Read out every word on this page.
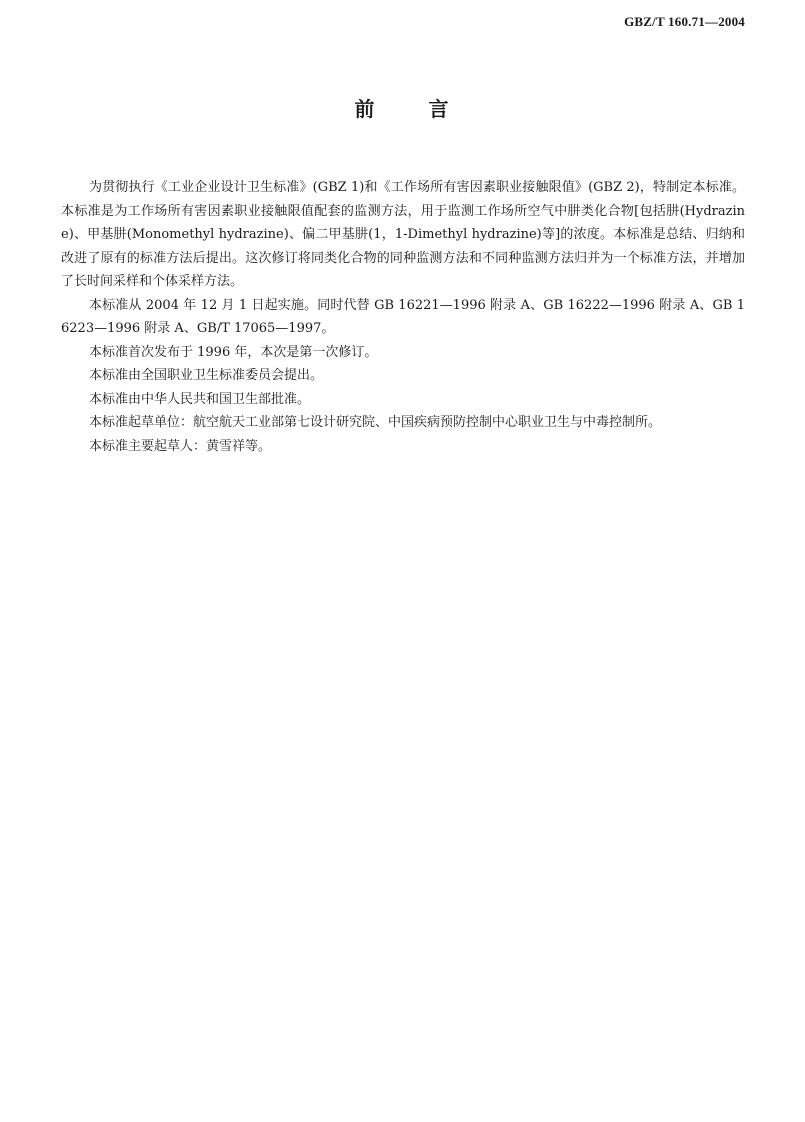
GBZ/T 160.71—2004
前	言

为贯彻执行《工业企业设计卫生标准》(GBZ 1)和《工作场所有害因素职业接触限值》(GBZ 2)，特制定本标准。本标准是为工作场所有害因素职业接触限值配套的监测方法，用于监测工作场所空气中肼类化合物[包括肼(Hydrazine)、甲基肼(Monomethyl hydrazine)、偏二甲基肼(1，1-Dimethyl hydrazine)等]的浓度。本标准是总结、归纳和改进了原有的标准方法后提出。这次修订将同类化合物的同种监测方法和不同种监测方法归并为一个标准方法，并增加了长时间采样和个体采样方法。

本标准从 2004 年 12 月 1 日起实施。同时代替 GB 16221—1996 附录 A、GB 16222—1996 附录 A、GB 16223—1996 附录 A、GB/T 17065—1997。

本标准首次发布于 1996 年，本次是第一次修订。

本标准由全国职业卫生标准委员会提出。

本标准由中华人民共和国卫生部批准。

本标准起草单位：航空航天工业部第七设计研究院、中国疾病预防控制中心职业卫生与中毒控制所。

本标准主要起草人：黄雪祥等。
